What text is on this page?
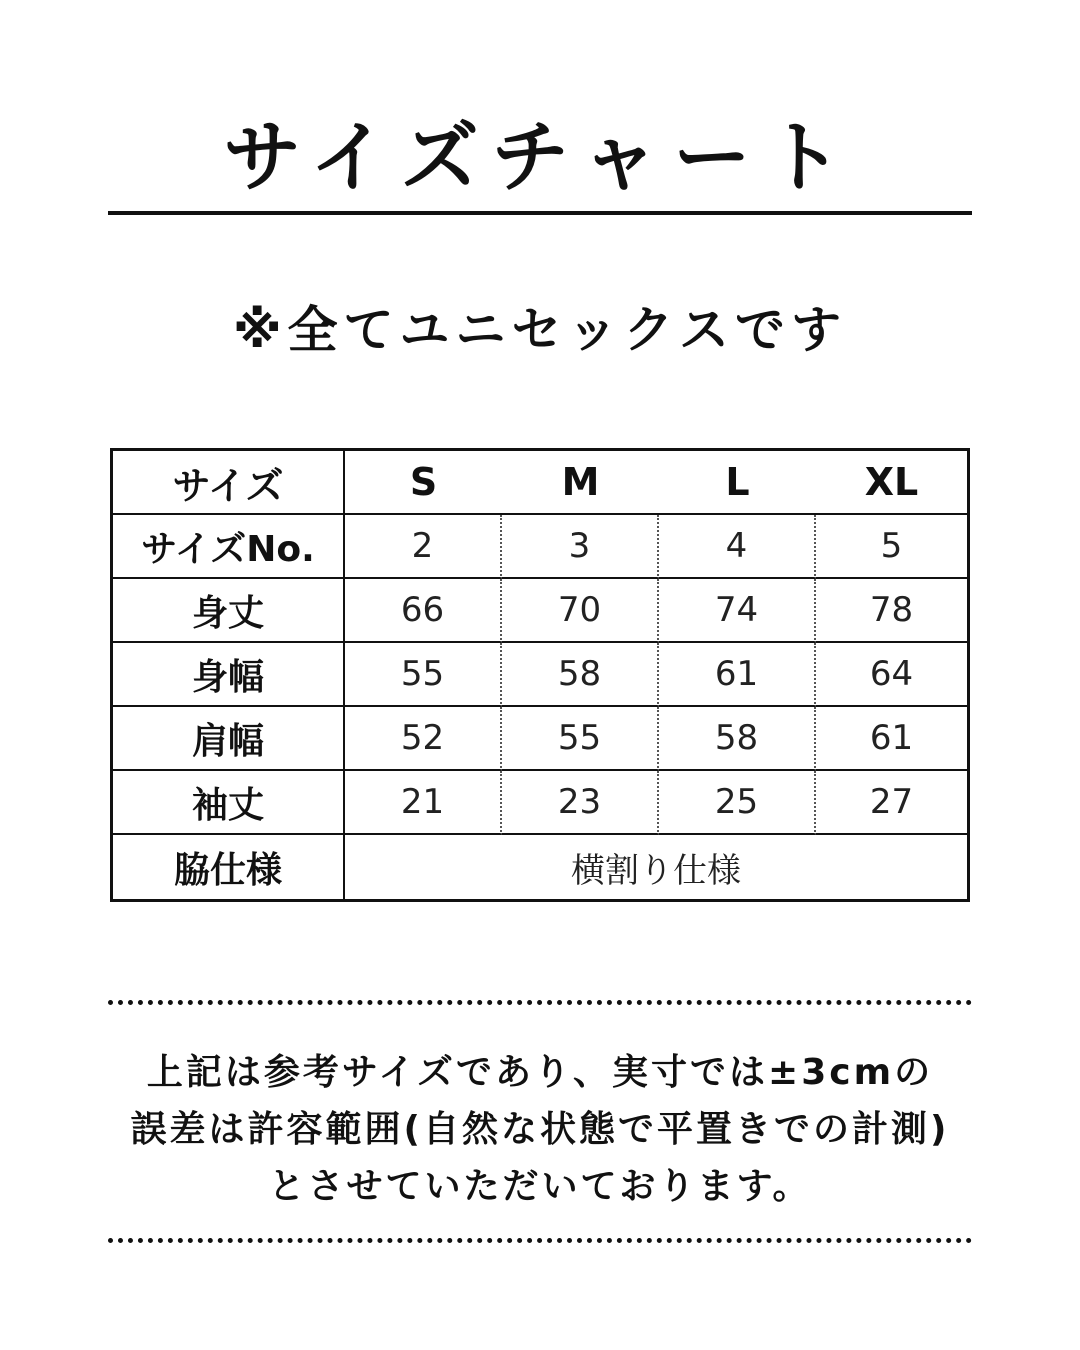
サイズチャート
※全てユニセックスです
サイズ	S	M	L	XL
サイズNo.	2	3	4	5
身丈	66	70	74	78
身幅	55	58	61	64
肩幅	52	55	58	61
袖丈	21	23	25	27
脇仕様	横割り仕様
上記は参考サイズであり、実寸では±3cmの
誤差は許容範囲(自然な状態で平置きでの計測)
とさせていただいております。
